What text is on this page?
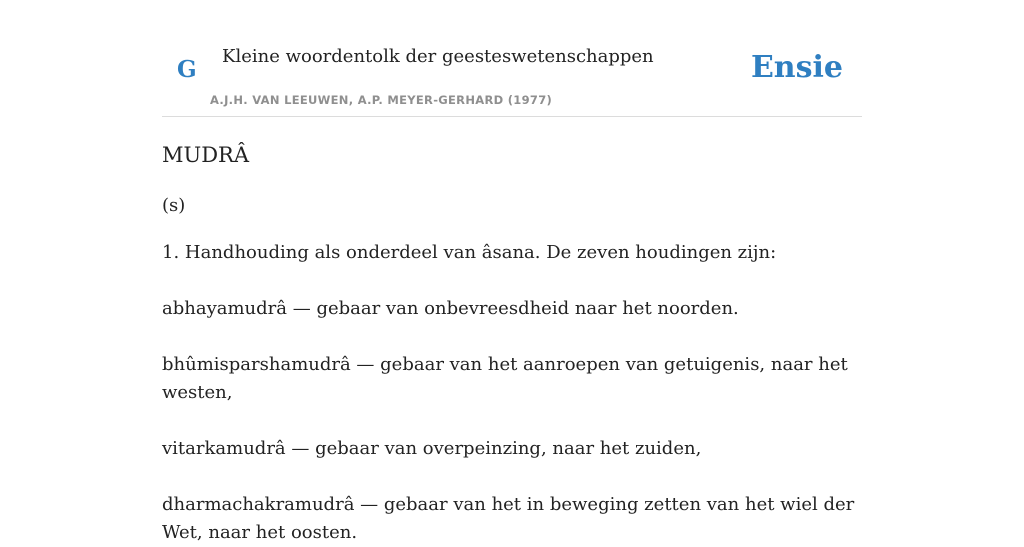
G Kleine woordentolk der geesteswetenschappen
A.J.H. VAN LEEUWEN, A.P. MEYER-GERHARD (1977)
Ensie
MUDRÂ

(s)

1. Handhouding als onderdeel van âsana. De zeven houdingen zijn:

abhayamudrâ — gebaar van onbevreesdheid naar het noorden.

bhûmisparshamudrâ — gebaar van het aanroepen van getuigenis, naar het westen,

vitarkamudrâ — gebaar van overpeinzing, naar het zuiden,

dharmachakramudrâ — gebaar van het in beweging zetten van het wiel der Wet, naar het oosten.
